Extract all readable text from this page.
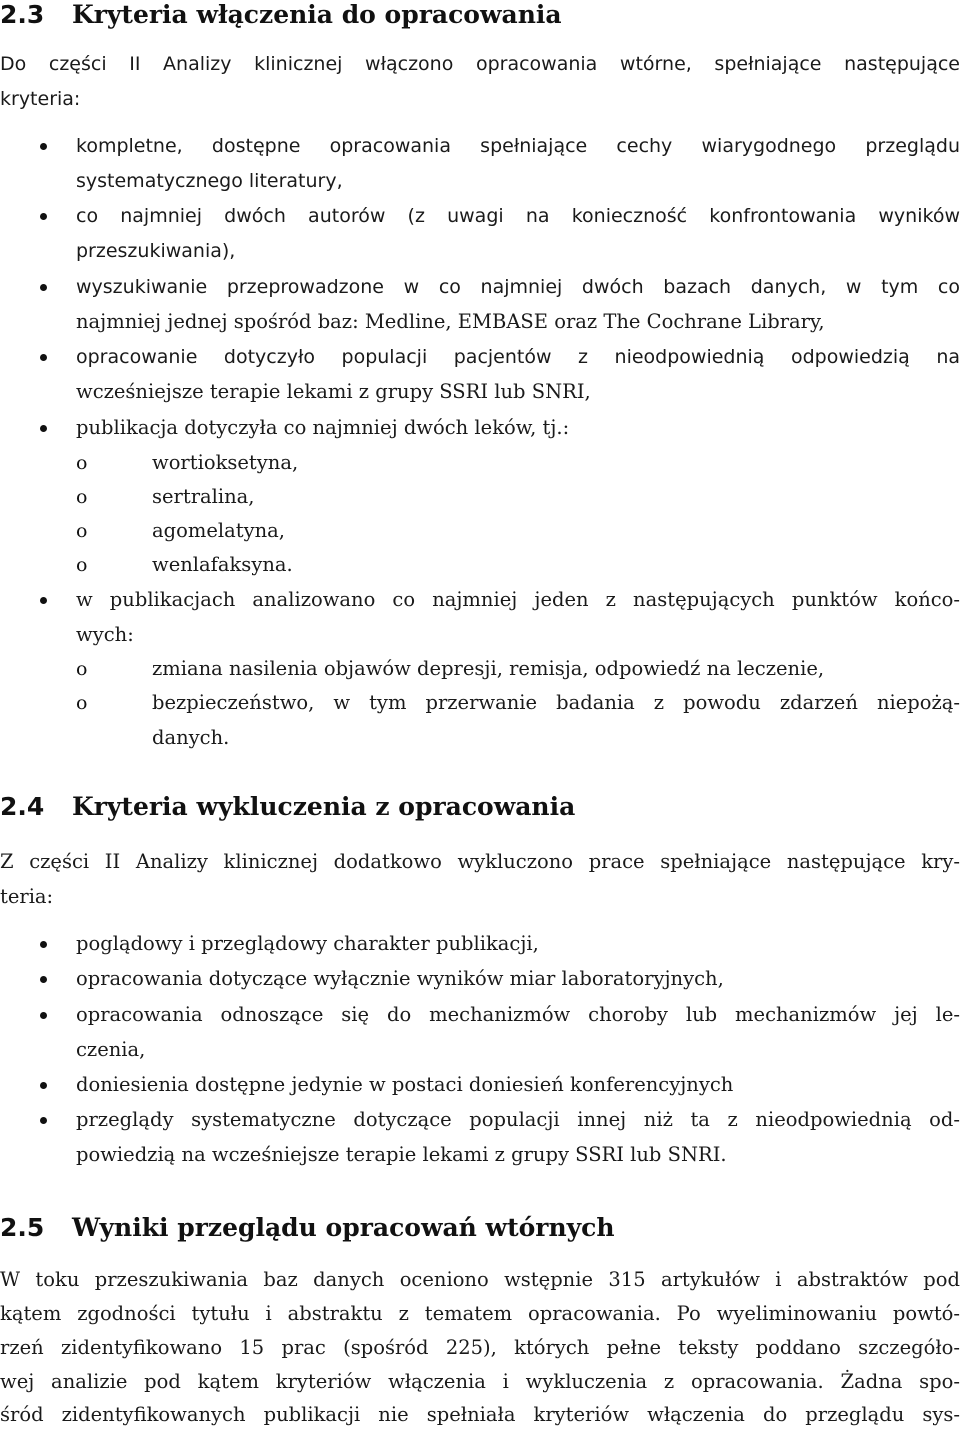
2.3 Kryteria włączenia do opracowania
Do części II Analizy klinicznej włączono opracowania wtórne, spełniające następujące
kryteria:
kompletne, dostępne opracowania spełniające cechy wiarygodnego przeglądu
systematycznego literatury,
co najmniej dwóch autorów (z uwagi na konieczność konfrontowania wyników
przeszukiwania),
wyszukiwanie przeprowadzone w co najmniej dwóch bazach danych, w tym co
najmniej jednej spośród baz: Medline, EMBASE oraz The Cochrane Library,
opracowanie dotyczyło populacji pacjentów z nieodpowiednią odpowiedzią na
wcześniejsze terapie lekami z grupy SSRI lub SNRI,
publikacja dotyczyła co najmniej dwóch leków, tj.:
o	wortioksetyna,
o	sertralina,
o	agomelatyna,
o	wenlafaksyna.
w publikacjach analizowano co najmniej jeden z następujących punktów końco-
wych:
o	zmiana nasilenia objawów depresji, remisja, odpowiedź na leczenie,
o	bezpieczeństwo, w tym przerwanie badania z powodu zdarzeń niepożą-
danych.
2.4 Kryteria wykluczenia z opracowania
Z części II Analizy klinicznej dodatkowo wykluczono prace spełniające następujące kry-
teria:
poglądowy i przeglądowy charakter publikacji,
opracowania dotyczące wyłącznie wyników miar laboratoryjnych,
opracowania odnoszące się do mechanizmów choroby lub mechanizmów jej le-
czenia,
doniesienia dostępne jedynie w postaci doniesień konferencyjnych
przeglądy systematyczne dotyczące populacji innej niż ta z nieodpowiednią od-
powiedzią na wcześniejsze terapie lekami z grupy SSRI lub SNRI.
2.5 Wyniki przeglądu opracowań wtórnych
W toku przeszukiwania baz danych oceniono wstępnie 315 artykułów i abstraktów pod
kątem zgodności tytułu i abstraktu z tematem opracowania. Po wyeliminowaniu powtó-
rzeń zidentyfikowano 15 prac (spośród 225), których pełne teksty poddano szczegóło-
wej analizie pod kątem kryteriów włączenia i wykluczenia z opracowania. Żadna spo-
śród zidentyfikowanych publikacji nie spełniała kryteriów włączenia do przeglądu sys-
